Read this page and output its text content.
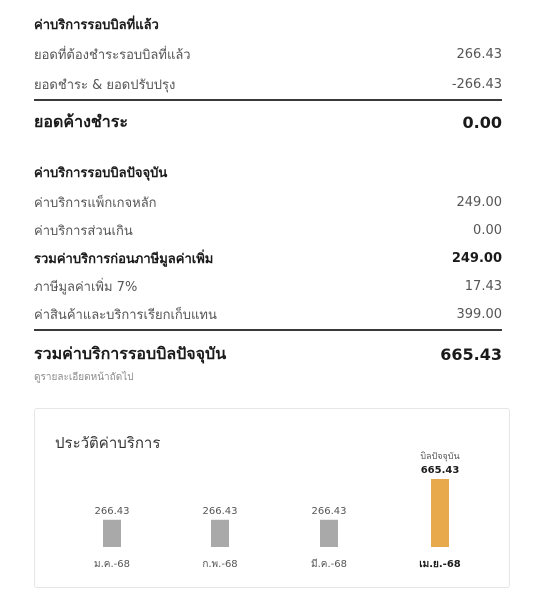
ค่าบริการรอบบิลที่แล้ว
ยอดที่ต้องชำระรอบบิลที่แล้ว	266.43
ยอดชำระ & ยอดปรับปรุง	-266.43
ยอดค้างชำระ	0.00
ค่าบริการรอบบิลปัจจุบัน
ค่าบริการแพ็กเกจหลัก	249.00
ค่าบริการส่วนเกิน	0.00
รวมค่าบริการก่อนภาษีมูลค่าเพิ่ม	249.00
ภาษีมูลค่าเพิ่ม 7%	17.43
ค่าสินค้าและบริการเรียกเก็บแทน	399.00
รวมค่าบริการรอบบิลปัจจุบัน	665.43
ดูรายละเอียดหน้าถัดไป
ประวัติค่าบริการ
266.43
ม.ค.-68
266.43
ก.พ.-68
266.43
มี.ค.-68
บิลปัจจุบัน
665.43
เม.ย.-68
